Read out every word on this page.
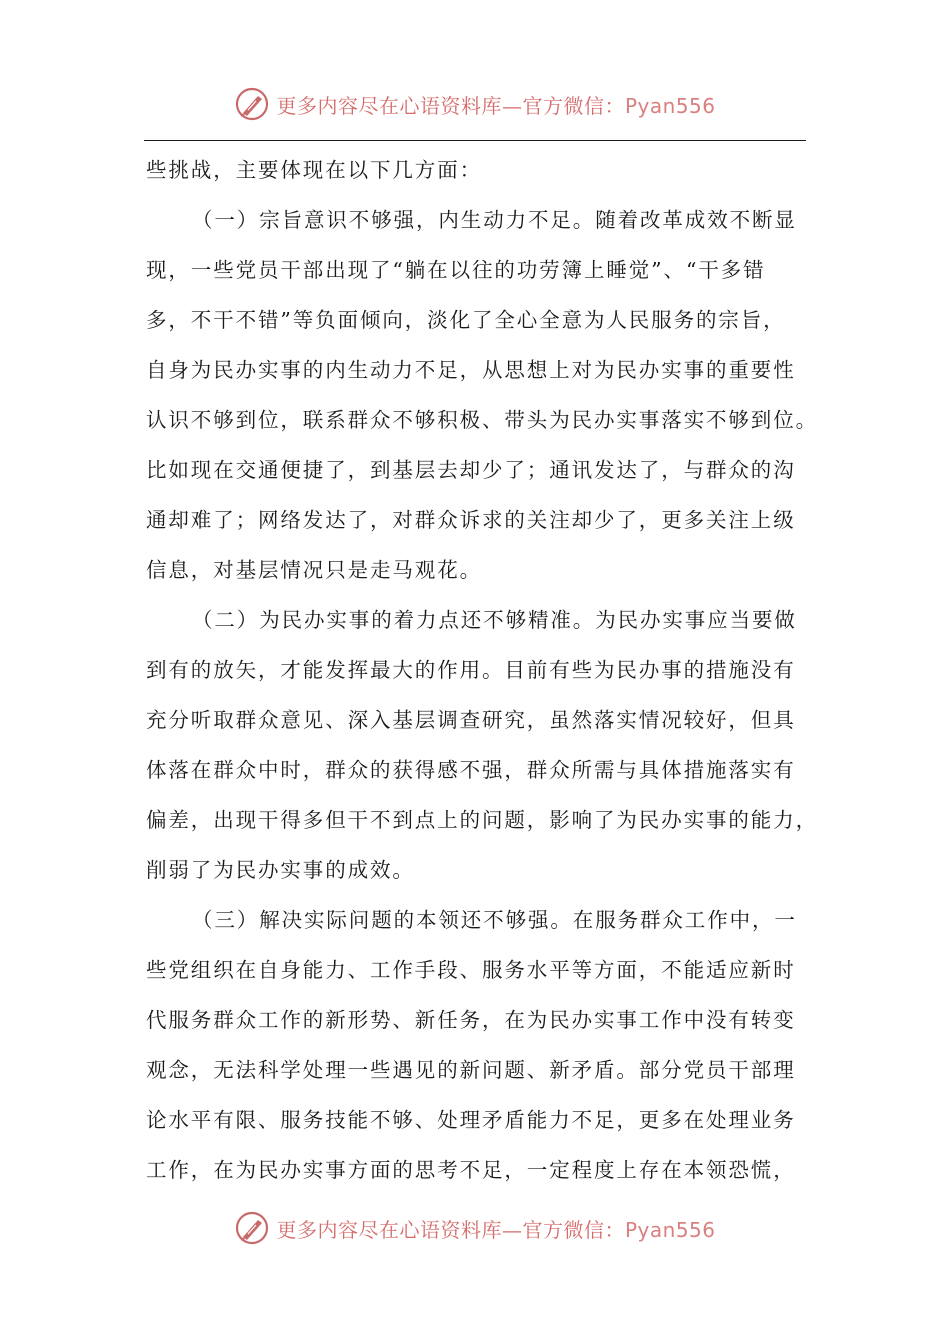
更多内容尽在心语资料库—官方微信：Pyan556
些挑战，主要体现在以下几方面：
（一）宗旨意识不够强，内生动力不足。随着改革成效不断显
现，一些党员干部出现了“躺在以往的功劳簿上睡觉”、“干多错
多，不干不错”等负面倾向，淡化了全心全意为人民服务的宗旨，
自身为民办实事的内生动力不足，从思想上对为民办实事的重要性
认识不够到位，联系群众不够积极、带头为民办实事落实不够到位。
比如现在交通便捷了，到基层去却少了；通讯发达了，与群众的沟
通却难了；网络发达了，对群众诉求的关注却少了，更多关注上级
信息，对基层情况只是走马观花。
（二）为民办实事的着力点还不够精准。为民办实事应当要做
到有的放矢，才能发挥最大的作用。目前有些为民办事的措施没有
充分听取群众意见、深入基层调查研究，虽然落实情况较好，但具
体落在群众中时，群众的获得感不强，群众所需与具体措施落实有
偏差，出现干得多但干不到点上的问题，影响了为民办实事的能力，
削弱了为民办实事的成效。
（三）解决实际问题的本领还不够强。在服务群众工作中，一
些党组织在自身能力、工作手段、服务水平等方面，不能适应新时
代服务群众工作的新形势、新任务，在为民办实事工作中没有转变
观念，无法科学处理一些遇见的新问题、新矛盾。部分党员干部理
论水平有限、服务技能不够、处理矛盾能力不足，更多在处理业务
工作，在为民办实事方面的思考不足，一定程度上存在本领恐慌，
更多内容尽在心语资料库—官方微信：Pyan556
